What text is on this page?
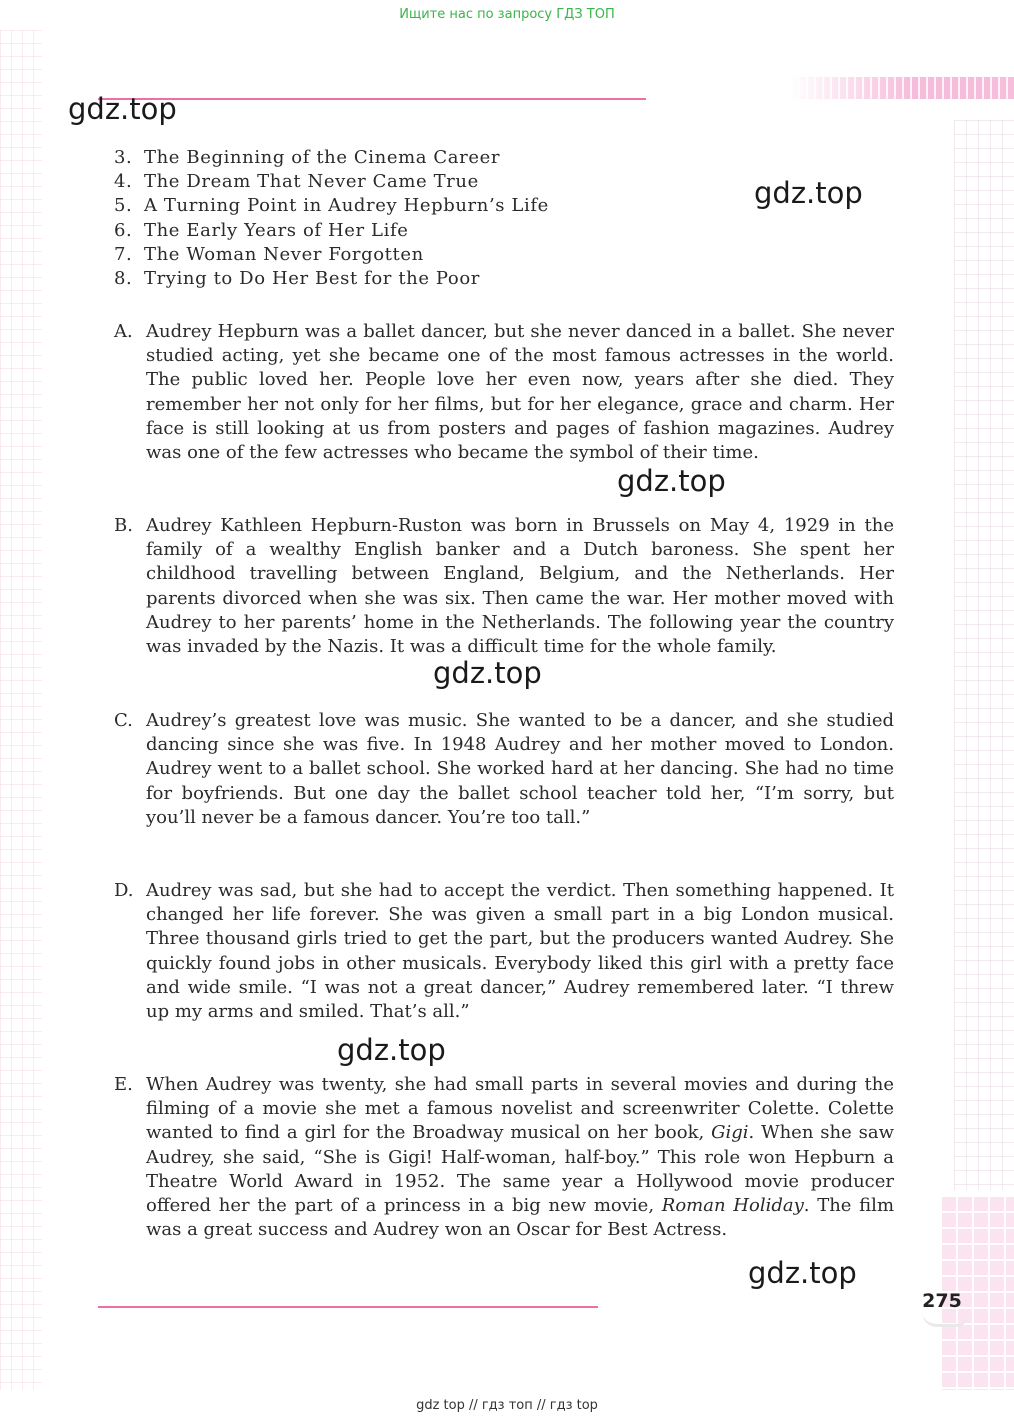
Ищите нас по запросу ГДЗ ТОП
gdz.top
gdz.top
gdz.top
gdz.top
gdz.top
gdz.top
3. The Beginning of the Cinema Career
4. The Dream That Never Came True
5. A Turning Point in Audrey Hepburn’s Life
6. The Early Years of Her Life
7. The Woman Never Forgotten
8. Trying to Do Her Best for the Poor
A. Audrey Hepburn was a ballet dancer, but she never danced in a ballet. She never studied acting, yet she became one of the most famous actresses in the world. The public loved her. People love her even now, years after she died. They remember her not only for her films, but for her elegance, grace and charm. Her face is still looking at us from posters and pages of fashion magazines. Audrey was one of the few actresses who became the symbol of their time.
B. Audrey Kathleen Hepburn-Ruston was born in Brussels on May 4, 1929 in the family of a wealthy English banker and a Dutch baroness. She spent her childhood travelling between England, Belgium, and the Netherlands. Her parents divorced when she was six. Then came the war. Her mother moved with Audrey to her parents’ home in the Netherlands. The following year the country was invaded by the Nazis. It was a difficult time for the whole family.
C. Audrey’s greatest love was music. She wanted to be a dancer, and she studied dancing since she was five. In 1948 Audrey and her mother moved to London. Audrey went to a ballet school. She worked hard at her dancing. She had no time for boyfriends. But one day the ballet school teacher told her, “I’m sorry, but you’ll never be a famous dancer. You’re too tall.”
D. Audrey was sad, but she had to accept the verdict. Then something happened. It changed her life forever. She was given a small part in a big London musical. Three thousand girls tried to get the part, but the producers wanted Audrey. She quickly found jobs in other musicals. Everybody liked this girl with a pretty face and wide smile. “I was not a great dancer,” Audrey remembered later. “I threw up my arms and smiled. That’s all.”
E. When Audrey was twenty, she had small parts in several movies and during the filming of a movie she met a famous novelist and screenwriter Colette. Colette wanted to find a girl for the Broadway musical on her book, Gigi. When she saw Audrey, she said, “She is Gigi! Half-woman, half-boy.” This role won Hepburn a Theatre World Award in 1952. The same year a Hollywood movie producer offered her the part of a princess in a big new movie, Roman Holiday. The film was a great success and Audrey won an Oscar for Best Actress.
275
gdz top // гдз топ // гдз top
